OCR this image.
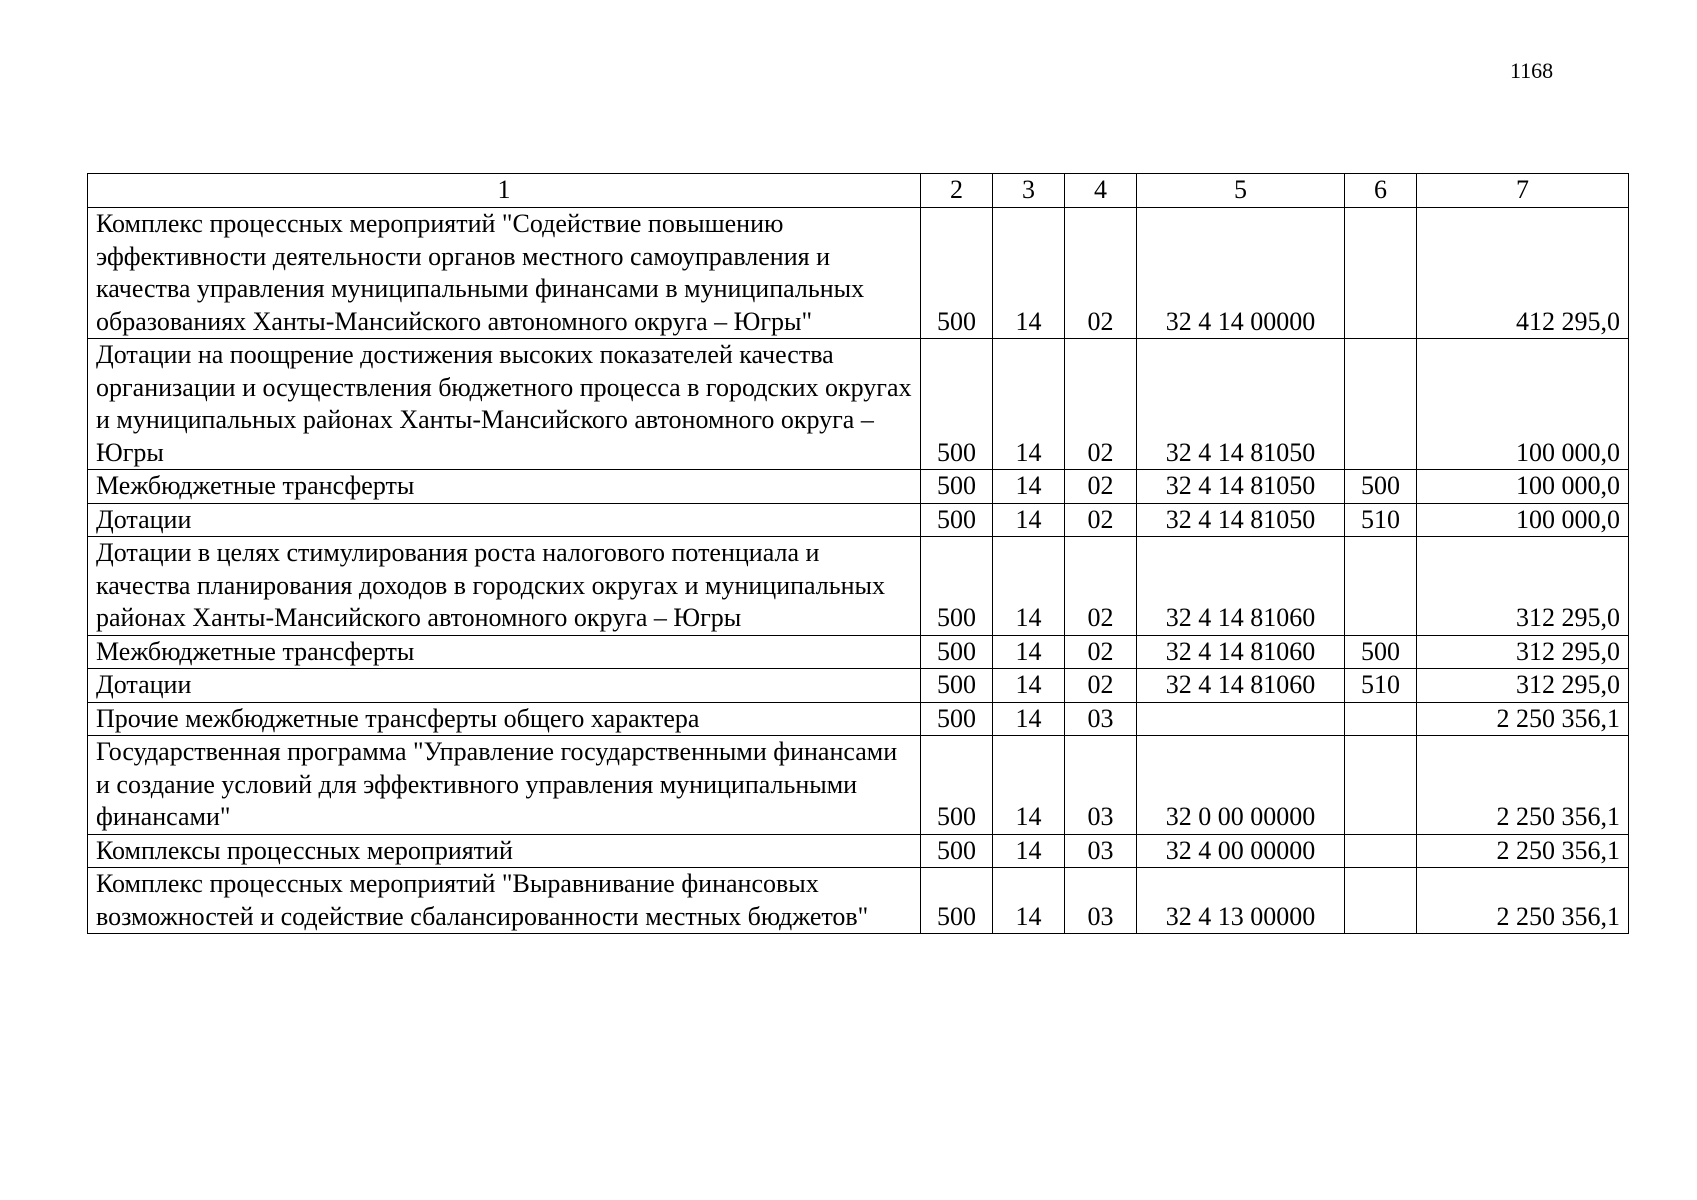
1168
1	2	3	4	5	6	7
Комплекс процессных мероприятий "Содействие повышению эффективности деятельности органов местного самоуправления и качества управления муниципальными финансами в муниципальных образованиях Ханты-Мансийского автономного округа – Югры"	500	14	02	32 4 14 00000		412 295,0
Дотации на поощрение достижения высоких показателей качества организации и осуществления бюджетного процесса в городских округах и муниципальных районах Ханты-Мансийского автономного округа – Югры	500	14	02	32 4 14 81050		100 000,0
Межбюджетные трансферты	500	14	02	32 4 14 81050	500	100 000,0
Дотации	500	14	02	32 4 14 81050	510	100 000,0
Дотации в целях стимулирования роста налогового потенциала и качества планирования доходов в городских округах и муниципальных районах Ханты-Мансийского автономного округа – Югры	500	14	02	32 4 14 81060		312 295,0
Межбюджетные трансферты	500	14	02	32 4 14 81060	500	312 295,0
Дотации	500	14	02	32 4 14 81060	510	312 295,0
Прочие межбюджетные трансферты общего характера	500	14	03			2 250 356,1
Государственная программа "Управление государственными финансами и создание условий для эффективного управления муниципальными финансами"	500	14	03	32 0 00 00000		2 250 356,1
Комплексы процессных мероприятий	500	14	03	32 4 00 00000		2 250 356,1
Комплекс процессных мероприятий "Выравнивание финансовых возможностей и содействие сбалансированности местных бюджетов"	500	14	03	32 4 13 00000		2 250 356,1
